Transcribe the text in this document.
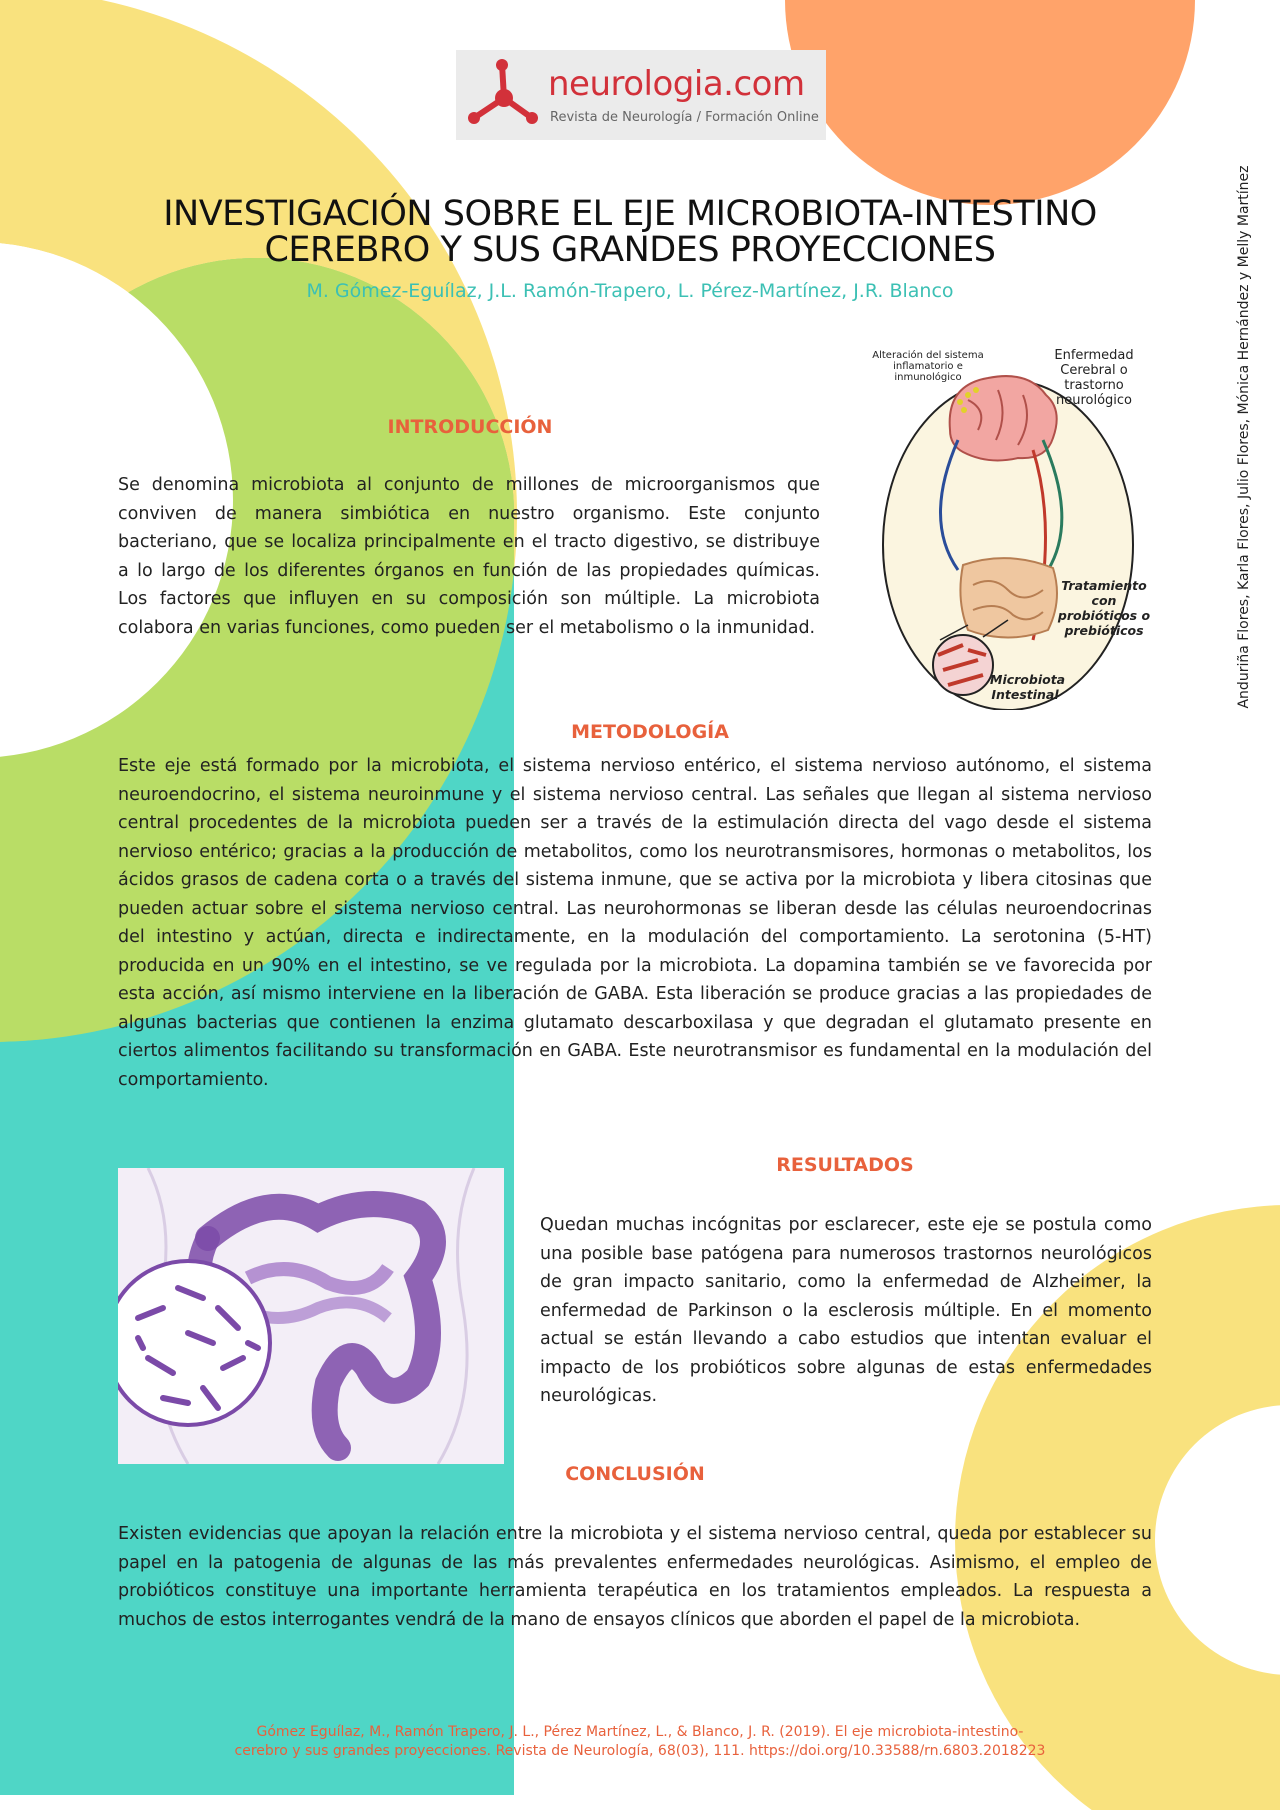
neurologia.com
Revista de Neurología / Formación Online
INVESTIGACIÓN SOBRE EL EJE MICROBIOTA-INTESTINO
CEREBRO Y SUS GRANDES PROYECCIONES
M. Gómez-Eguílaz, J.L. Ramón-Trapero, L. Pérez-Martínez, J.R. Blanco	Anduriña Flores, Karla Flores, Julio Flores, Mónica Hernández y Melly Martínez
Alteración del sistema inflamatorio e inmunológico
Enfermedad Cerebral o trastorno neurológico
Tratamiento con probióticos o prebióticos
Microbiota Intestinal
INTRODUCCIÓN

Se denomina microbiota al conjunto de millones de microorganismos que conviven de manera simbiótica en nuestro organismo. Este conjunto bacteriano, que se localiza principalmente en el tracto digestivo, se distribuye a lo largo de los diferentes órganos en función de las propiedades químicas. Los factores que influyen en su composición son múltiple. La microbiota colabora en varias funciones, como pueden ser el metabolismo o la inmunidad.

METODOLOGÍA

Este eje está formado por la microbiota, el sistema nervioso entérico, el sistema nervioso autónomo, el sistema neuroendocrino, el sistema neuroinmune y el sistema nervioso central. Las señales que llegan al sistema nervioso central procedentes de la microbiota pueden ser a través de la estimulación directa del vago desde el sistema nervioso entérico; gracias a la producción de metabolitos, como los neurotransmisores, hormonas o metabolitos, los ácidos grasos de cadena corta o a través del sistema inmune, que se activa por la microbiota y libera citosinas que pueden actuar sobre el sistema nervioso central. Las neurohormonas se liberan desde las células neuroendocrinas del intestino y actúan, directa e indirectamente, en la modulación del comportamiento. La serotonina (5-HT) producida en un 90% en el intestino, se ve regulada por la microbiota. La dopamina también se ve favorecida por esta acción, así mismo interviene en la liberación de GABA. Esta liberación se produce gracias a las propiedades de algunas bacterias que contienen la enzima glutamato descarboxilasa y que degradan el glutamato presente en ciertos alimentos facilitando su transformación en GABA. Este neurotransmisor es fundamental en la modulación del comportamiento.

RESULTADOS

Quedan muchas incógnitas por esclarecer, este eje se postula como una posible base patógena para numerosos trastornos neurológicos de gran impacto sanitario, como la enfermedad de Alzheimer, la enfermedad de Parkinson o la esclerosis múltiple. En el momento actual se están llevando a cabo estudios que intentan evaluar el impacto de los probióticos sobre algunas de estas enfermedades neurológicas.

CONCLUSIÓN

Existen evidencias que apoyan la relación entre la microbiota y el sistema nervioso central, queda por establecer su papel en la patogenia de algunas de las más prevalentes enfermedades neurológicas. Asimismo, el empleo de probióticos constituye una importante herramienta terapéutica en los tratamientos empleados. La respuesta a muchos de estos interrogantes vendrá de la mano de ensayos clínicos que aborden el papel de la microbiota.

Gómez Eguílaz, M., Ramón Trapero, J. L., Pérez Martínez, L., & Blanco, J. R. (2019). El eje microbiota-intestino-
cerebro y sus grandes proyecciones. Revista de Neurología, 68(03), 111. https://doi.org/10.33588/rn.6803.2018223
